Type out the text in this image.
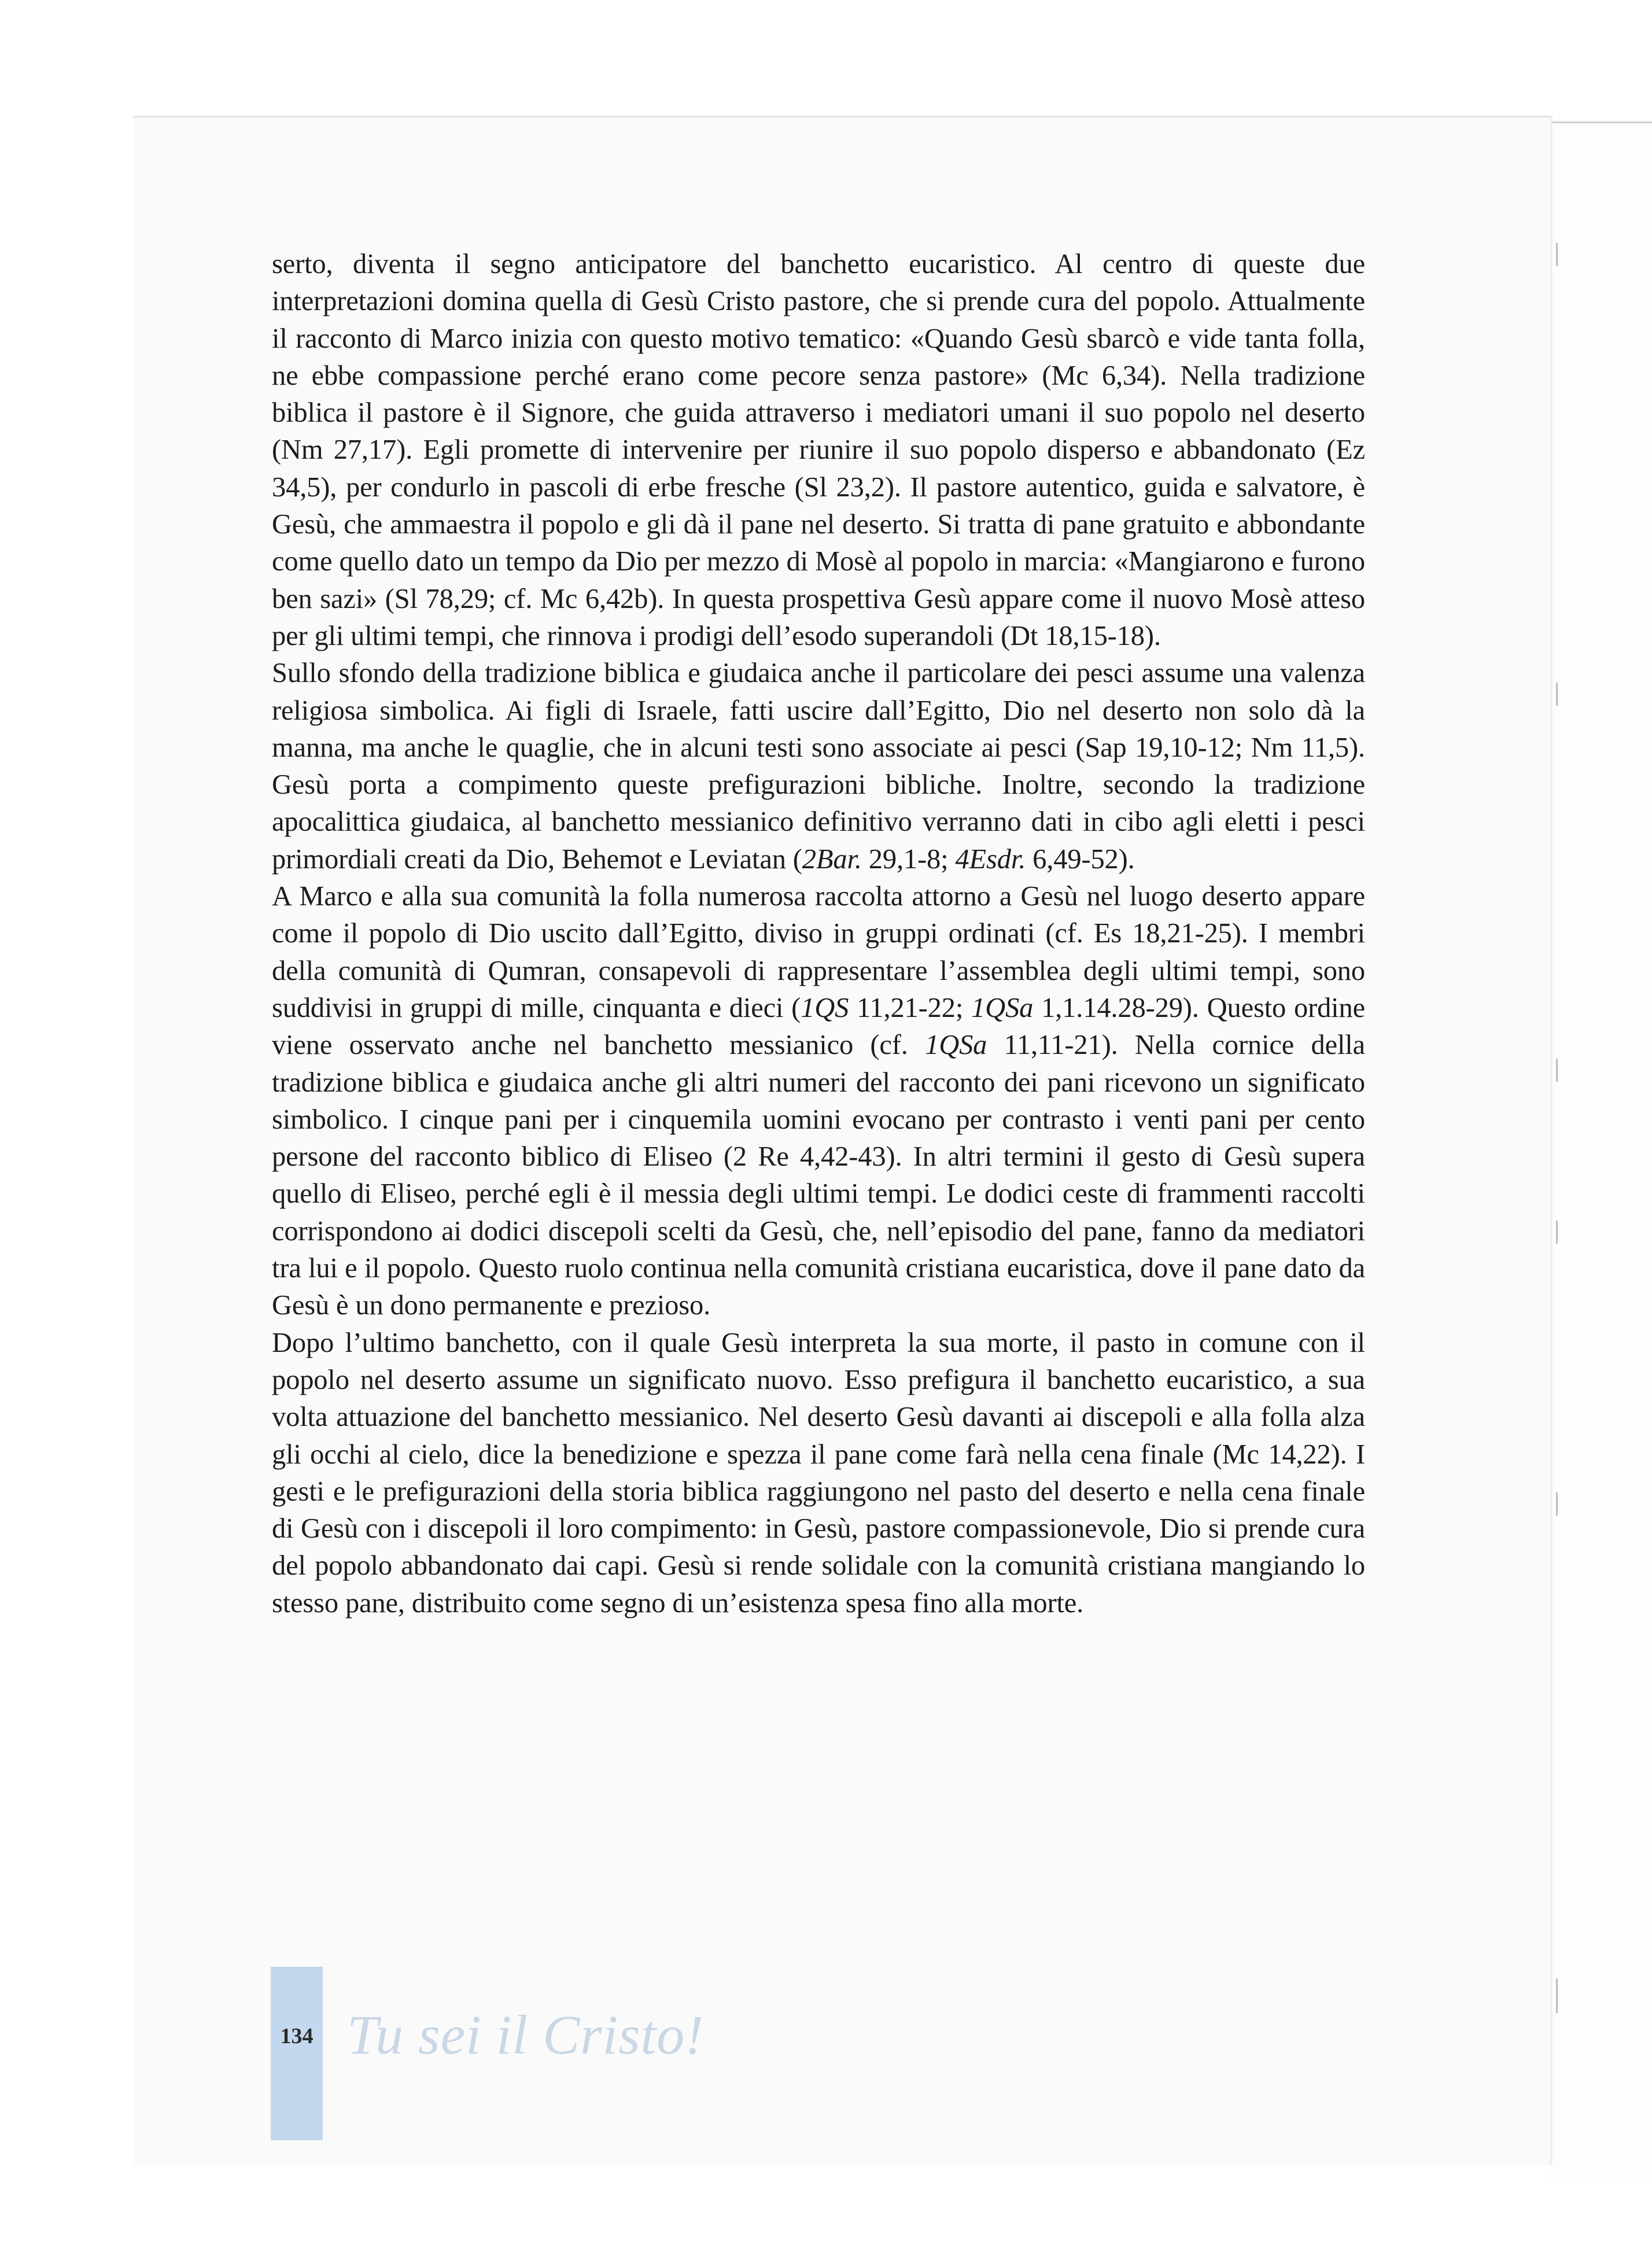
serto, diventa il segno anticipatore del banchetto eucaristico. Al centro di queste due interpretazioni domina quella di Gesù Cristo pastore, che si prende cura del popolo. Attualmente il racconto di Marco inizia con questo motivo tematico: «Quando Gesù sbarcò e vide tanta folla, ne ebbe compassione perché erano come pecore senza pastore» (Mc 6,34). Nella tradizione biblica il pastore è il Signore, che guida attraverso i mediatori umani il suo popolo nel deserto (Nm 27,17). Egli promette di intervenire per riunire il suo popolo disperso e abbandonato (Ez 34,5), per condurlo in pascoli di erbe fresche (Sl 23,2). Il pastore autentico, guida e salvatore, è Gesù, che ammaestra il popolo e gli dà il pane nel deserto. Si tratta di pane gratuito e abbondante come quello dato un tempo da Dio per mezzo di Mosè al popolo in marcia: «Mangiarono e furono ben sazi» (Sl 78,29; cf. Mc 6,42b). In questa prospettiva Gesù appare come il nuovo Mosè atteso per gli ultimi tempi, che rinnova i prodigi dell’esodo superandoli (Dt 18,15-18).

Sullo sfondo della tradizione biblica e giudaica anche il particolare dei pesci assume una valenza religiosa simbolica. Ai figli di Israele, fatti uscire dall’Egitto, Dio nel deserto non solo dà la manna, ma anche le quaglie, che in alcuni testi sono associate ai pesci (Sap 19,10-12; Nm 11,5). Gesù porta a compimento queste prefigurazioni bibliche. Inoltre, secondo la tradizione apocalittica giudaica, al banchetto messianico definitivo verranno dati in cibo agli eletti i pesci primordiali creati da Dio, Behemot e Leviatan (2Bar. 29,1-8; 4Esdr. 6,49-52).

A Marco e alla sua comunità la folla numerosa raccolta attorno a Gesù nel luogo deserto appare come il popolo di Dio uscito dall’Egitto, diviso in gruppi ordinati (cf. Es 18,21-25). I membri della comunità di Qumran, consapevoli di rappresentare l’assemblea degli ultimi tempi, sono suddivisi in gruppi di mille, cinquanta e dieci (1QS 11,21-22; 1QSa 1,1.14.28-29). Questo ordine viene osservato anche nel banchetto messianico (cf. 1QSa 11,11-21). Nella cornice della tradizione biblica e giudaica anche gli altri numeri del racconto dei pani ricevono un significato simbolico. I cinque pani per i cinquemila uomini evocano per contrasto i venti pani per cento persone del racconto biblico di Eliseo (2 Re 4,42-43). In altri termini il gesto di Gesù supera quello di Eliseo, perché egli è il messia degli ultimi tempi. Le dodici ceste di frammenti raccolti corrispondono ai dodici discepoli scelti da Gesù, che, nell’episodio del pane, fanno da mediatori tra lui e il popolo. Questo ruolo continua nella comunità cristiana eucaristica, dove il pane dato da Gesù è un dono permanente e prezioso.

Dopo l’ultimo banchetto, con il quale Gesù interpreta la sua morte, il pasto in comune con il popolo nel deserto assume un significato nuovo. Esso prefigura il banchetto eucaristico, a sua volta attuazione del banchetto messianico. Nel deserto Gesù davanti ai discepoli e alla folla alza gli occhi al cielo, dice la benedizione e spezza il pane come farà nella cena finale (Mc 14,22). I gesti e le prefigurazioni della storia biblica raggiungono nel pasto del deserto e nella cena finale di Gesù con i discepoli il loro compimento: in Gesù, pastore compassionevole, Dio si prende cura del popolo abbandonato dai capi. Gesù si rende solidale con la comunità cristiana mangiando lo stesso pane, distribuito come segno di un’esistenza spesa fino alla morte.

134 Tu sei il Cristo!
